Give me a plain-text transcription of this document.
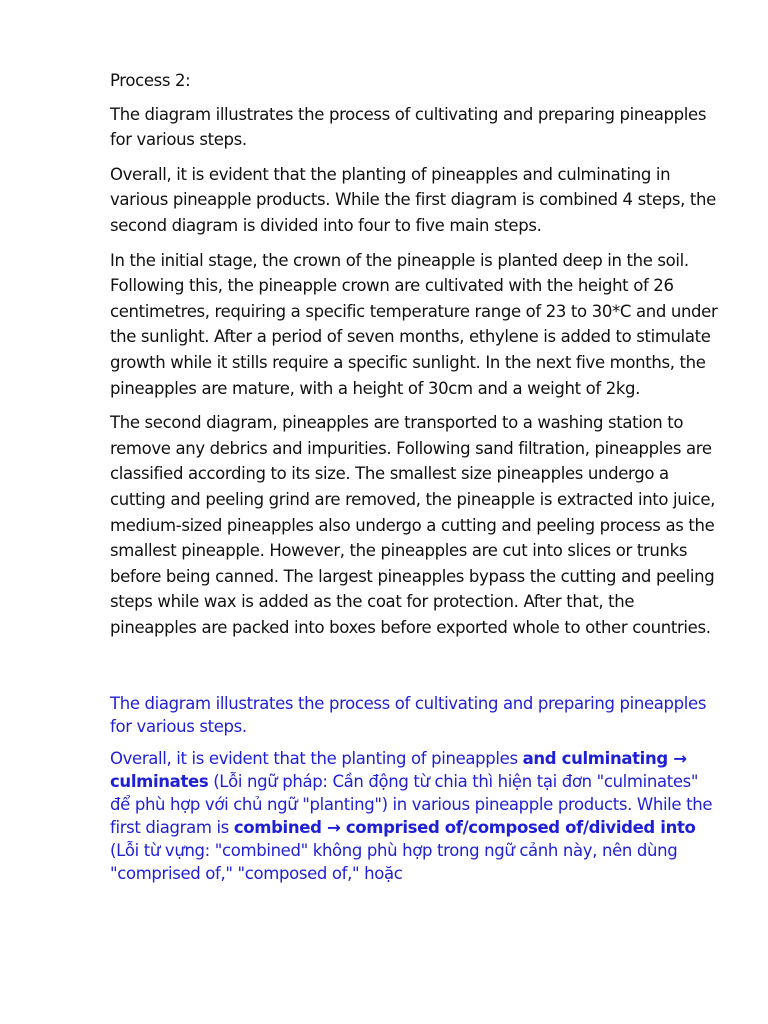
Process 2:

The diagram illustrates the process of cultivating and preparing pineapples for various steps.

Overall, it is evident that the planting of pineapples and culminating in various pineapple products. While the first diagram is combined 4 steps, the second diagram is divided into four to five main steps.

In the initial stage, the crown of the pineapple is planted deep in the soil. Following this, the pineapple crown are cultivated with the height of 26 centimetres, requiring a specific temperature range of 23 to 30*C and under the sunlight. After a period of seven months, ethylene is added to stimulate growth while it stills require a specific sunlight. In the next five months, the pineapples are mature, with a height of 30cm and a weight of 2kg.

The second diagram, pineapples are transported to a washing station to remove any debrics and impurities. Following sand filtration, pineapples are classified according to its size. The smallest size pineapples undergo a cutting and peeling grind are removed, the pineapple is extracted into juice, medium-sized pineapples also undergo a cutting and peeling process as the smallest pineapple. However, the pineapples are cut into slices or trunks before being canned. The largest pineapples bypass the cutting and peeling steps while wax is added as the coat for protection. After that, the pineapples are packed into boxes before exported whole to other countries.

The diagram illustrates the process of cultivating and preparing pineapples for various steps.

Overall, it is evident that the planting of pineapples and culminating → culminates (Lỗi ngữ pháp: Cần động từ chia thì hiện tại đơn "culminates" để phù hợp với chủ ngữ "planting") in various pineapple products. While the first diagram is combined → comprised of/composed of/divided into (Lỗi từ vựng: "combined" không phù hợp trong ngữ cảnh này, nên dùng "comprised of," "composed of," hoặc
